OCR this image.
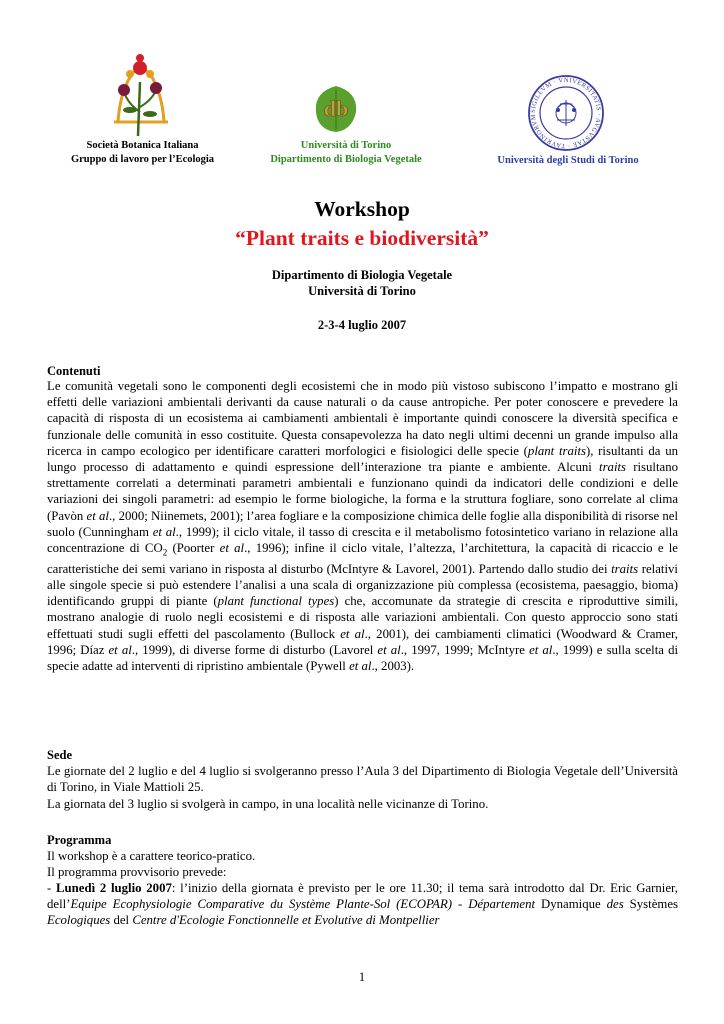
db	SIGILLVM · VNIVERSITATIS · AVGVSTAE · TAVRINORVM
Società Botanica Italiana
Gruppo di lavoro per l’Ecologia
Università di Torino
Dipartimento di Biologia Vegetale	Università degli Studi di Torino
Workshop
“Plant traits e biodiversità”
Dipartimento di Biologia Vegetale
Università di Torino
2-3-4 luglio 2007
Contenuti
Le comunità vegetali sono le componenti degli ecosistemi che in modo più vistoso subiscono l’impatto e mostrano gli effetti delle variazioni ambientali derivanti da cause naturali o da cause antropiche. Per poter conoscere e prevedere la capacità di risposta di un ecosistema ai cambiamenti ambientali è importante quindi conoscere la diversità specifica e funzionale delle comunità in esso costituite. Questa consapevolezza ha dato negli ultimi decenni un grande impulso alla ricerca in campo ecologico per identificare caratteri morfologici e fisiologici delle specie (plant traits), risultanti da un lungo processo di adattamento e quindi espressione dell’interazione tra piante e ambiente. Alcuni traits risultano strettamente correlati a determinati parametri ambientali e funzionano quindi da indicatori delle condizioni e delle variazioni dei singoli parametri: ad esempio le forme biologiche, la forma e la struttura fogliare, sono correlate al clima (Pavòn et al., 2000; Niinemets, 2001); l’area fogliare e la composizione chimica delle foglie alla disponibilità di risorse nel suolo (Cunningham et al., 1999); il ciclo vitale, il tasso di crescita e il metabolismo fotosintetico variano in relazione alla concentrazione di $CO_2$ (Poorter et al., 1996); infine il ciclo vitale, l’altezza, l’architettura, la capacità di ricaccio e le caratteristiche dei semi variano in risposta al disturbo (McIntyre & Lavorel, 2001). Partendo dallo studio dei traits relativi alle singole specie si può estendere l’analisi a una scala di organizzazione più complessa (ecosistema, paesaggio, bioma) identificando gruppi di piante (plant functional types) che, accomunate da strategie di crescita e riproduttive simili, mostrano analogie di ruolo negli ecosistemi e di risposta alle variazioni ambientali. Con questo approccio sono stati effettuati studi sugli effetti del pascolamento (Bullock et al., 2001), dei cambiamenti climatici (Woodward & Cramer, 1996; Díaz et al., 1999), di diverse forme di disturbo (Lavorel et al., 1997, 1999; McIntyre et al., 1999) e sulla scelta di specie adatte ad interventi di ripristino ambientale (Pywell et al., 2003).
Sede
Le giornate del 2 luglio e del 4 luglio si svolgeranno presso l’Aula 3 del Dipartimento di Biologia Vegetale dell’Università di Torino, in Viale Mattioli 25.
La giornata del 3 luglio si svolgerà in campo, in una località nelle vicinanze di Torino.
Programma
Il workshop è a carattere teorico-pratico.
Il programma provvisorio prevede:
- Lunedì 2 luglio 2007: l’inizio della giornata è previsto per le ore 11.30; il tema sarà introdotto dal Dr. Eric Garnier, dell’Equipe Ecophysiologie Comparative du Système Plante-Sol (ECOPAR) - Département Dynamique des Systèmes Ecologiques del Centre d'Ecologie Fonctionnelle et Evolutive di Montpellier
1
